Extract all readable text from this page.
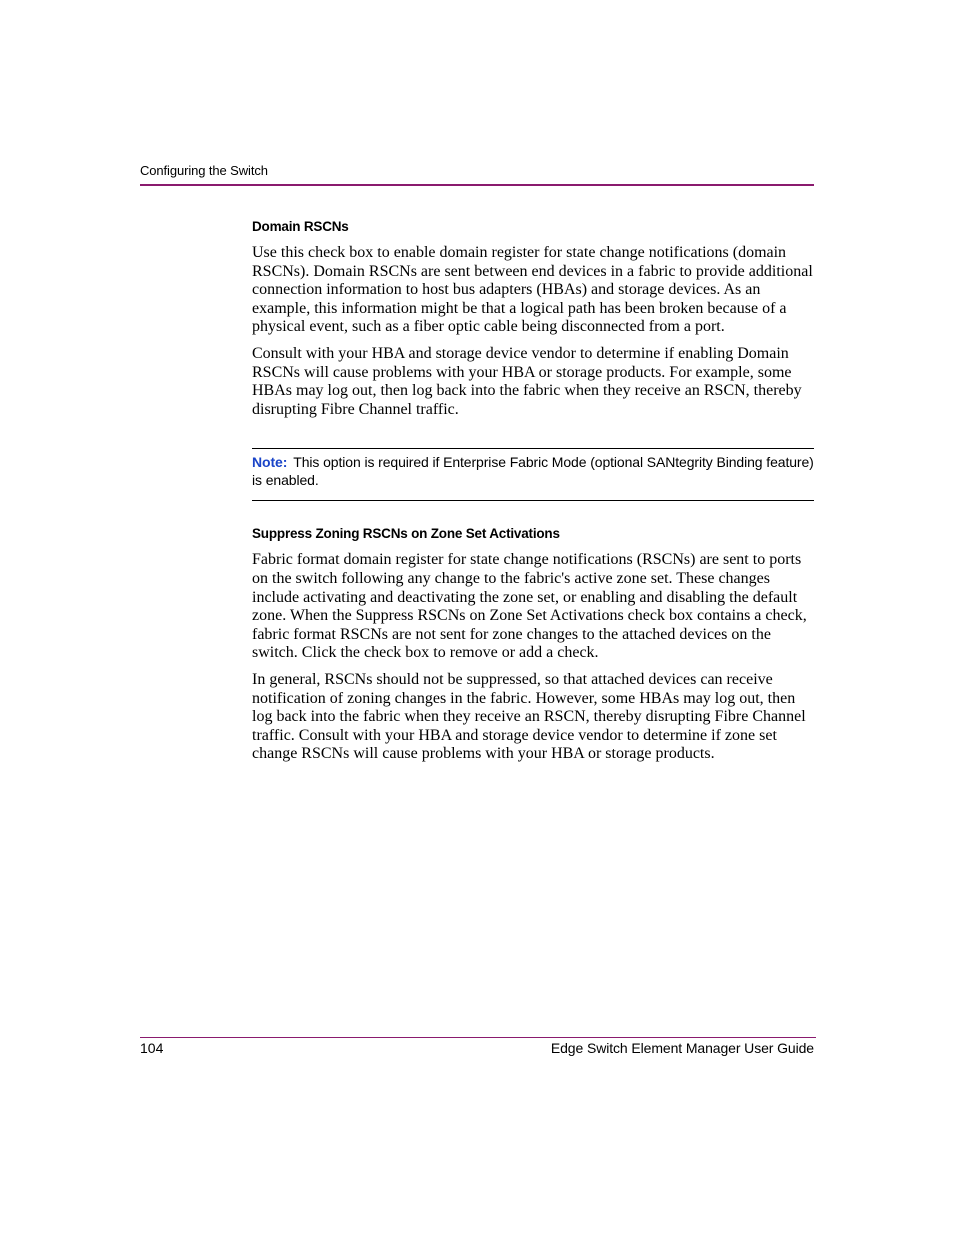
Configuring the Switch
Domain RSCNs

Use this check box to enable domain register for state change notifications (domain RSCNs). Domain RSCNs are sent between end devices in a fabric to provide additional connection information to host bus adapters (HBAs) and storage devices. As an example, this information might be that a logical path has been broken because of a physical event, such as a fiber optic cable being disconnected from a port.

Consult with your HBA and storage device vendor to determine if enabling Domain RSCNs will cause problems with your HBA or storage products. For example, some HBAs may log out, then log back into the fabric when they receive an RSCN, thereby disrupting Fibre Channel traffic.

Note: This option is required if Enterprise Fabric Mode (optional SANtegrity Binding feature) is enabled.
Suppress Zoning RSCNs on Zone Set Activations

Fabric format domain register for state change notifications (RSCNs) are sent to ports on the switch following any change to the fabric's active zone set. These changes include activating and deactivating the zone set, or enabling and disabling the default zone. When the Suppress RSCNs on Zone Set Activations check box contains a check, fabric format RSCNs are not sent for zone changes to the attached devices on the switch. Click the check box to remove or add a check.

In general, RSCNs should not be suppressed, so that attached devices can receive notification of zoning changes in the fabric. However, some HBAs may log out, then log back into the fabric when they receive an RSCN, thereby disrupting Fibre Channel traffic. Consult with your HBA and storage device vendor to determine if zone set change RSCNs will cause problems with your HBA or storage products.

104	Edge Switch Element Manager User Guide
